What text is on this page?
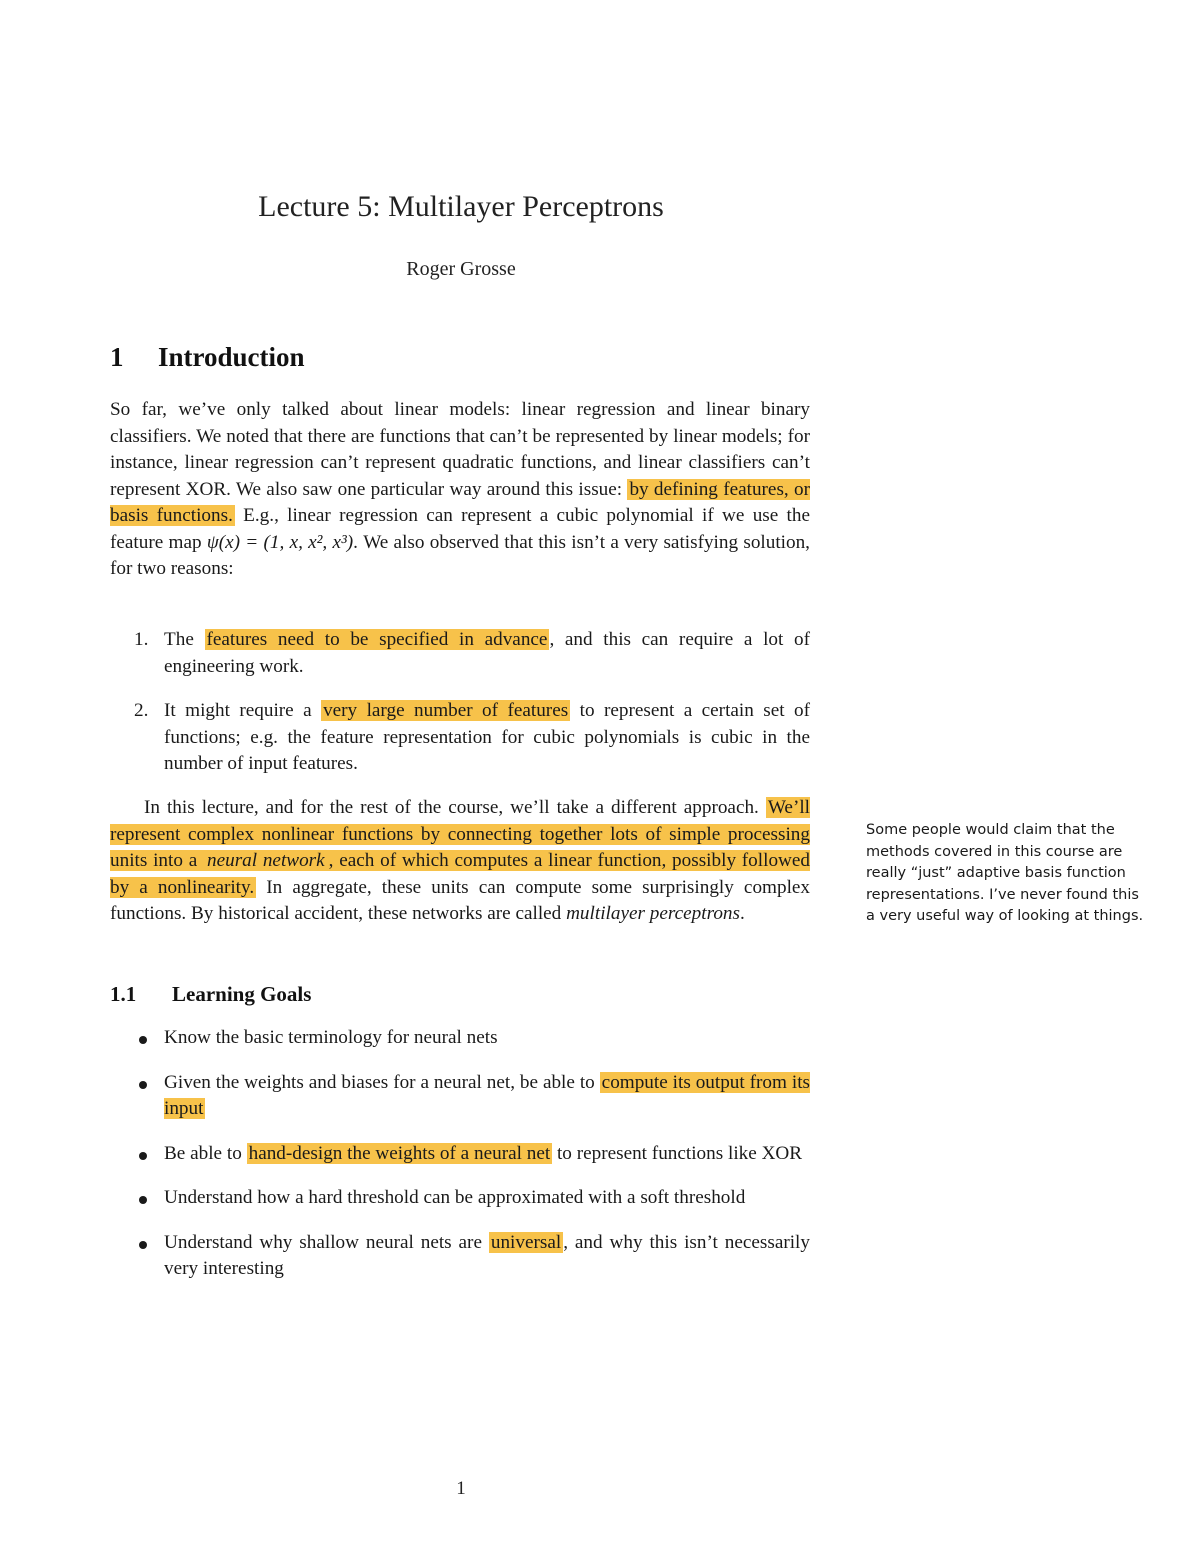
Lecture 5: Multilayer Perceptrons
Roger Grosse
1 Introduction
So far, we’ve only talked about linear models: linear regression and linear binary classifiers. We noted that there are functions that can’t be represented by linear models; for instance, linear regression can’t represent quadratic functions, and linear classifiers can’t represent XOR. We also saw one particular way around this issue: by defining features, or basis functions. E.g., linear regression can represent a cubic polynomial if we use the feature map ψ(x) = (1, x, x², x³). We also observed that this isn’t a very satisfying solution, for two reasons:
1. The features need to be specified in advance , and this can require a lot of engineering work.
2. It might require a very large number of features to represent a certain set of functions; e.g. the feature representation for cubic polynomials is cubic in the number of input features.
In this lecture, and for the rest of the course, we’ll take a different approach. We’ll represent complex nonlinear functions by connecting together lots of simple processing units into a neural network , each of which computes a linear function, possibly followed by a nonlinearity. In aggregate, these units can compute some surprisingly complex functions. By historical accident, these networks are called multilayer perceptrons.
Some people would claim that the methods covered in this course are really “just” adaptive basis function representations. I’ve never found this a very useful way of looking at things.
1.1 Learning Goals
Know the basic terminology for neural nets
Given the weights and biases for a neural net, be able to compute its output from its input
Be able to hand-design the weights of a neural net to represent functions like XOR
Understand how a hard threshold can be approximated with a soft threshold
Understand why shallow neural nets are universal , and why this isn’t necessarily very interesting
1
